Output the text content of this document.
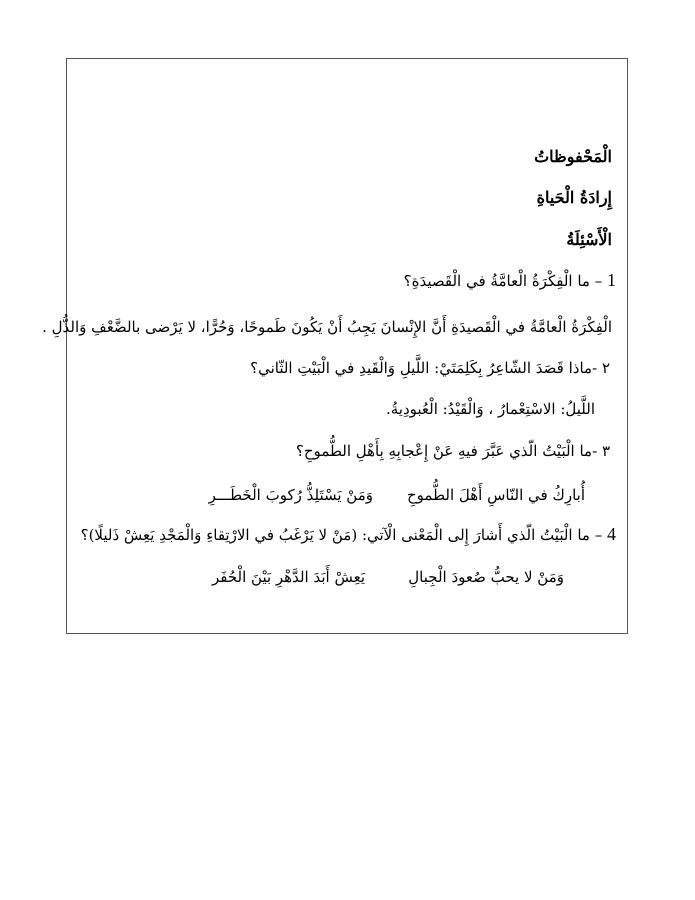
الْمَحْفوظاتُ
إِرادَةُ الْحَياةِ
الْأَسْئِلَةُ
1 – ما الْفِكْرَةُ الْعامَّةُ في الْقَصيدَةِ؟
الْفِكْرَةُ الْعامَّةُ في الْقَصيدَةِ أَنَّ الإِنْسانَ يَجِبُ أَنْ يَكُونَ طَموحًا، وَحُرًّا، لا يَرْضى بالضَّعْفِ وَالذُّلِ .
٢ -ماذا قَصَدَ الشّاعِرُ بِكَلِمَتَيْ: اللَّيلِ وَالْقَيدِ في الْبَيْتِ الثّاني؟
اللَّيلُ: الاسْتِعْمارُ ، وَالْقَيْدُ: الْعُبودِيةُ.
٣ -ما الْبَيْتُ الّذي عَبَّرَ فيهِ عَنْ إِعْجابِهِ بِأَهْلِ الطُّموحِ؟
أُبارِكُ في النّاسِ أَهْلَ الطُّموحِ
وَمَنْ يَسْتَلِذُّ رُكوبَ الْخَطَـــرِ
4 – ما الْبَيْتُ الّذي أَشارَ إِلى الْمَعْنى الْآتي: (مَنْ لا يَرْغَبُ في الارْتِقاءِ وَالْمَجْدِ يَعِشْ ذَليلًا)؟
وَمَنْ لا يحبُّ صُعودَ الْجِبالِ
يَعِشْ أَبَدَ الدَّهْرِ بَيْنَ الْحُفَر
